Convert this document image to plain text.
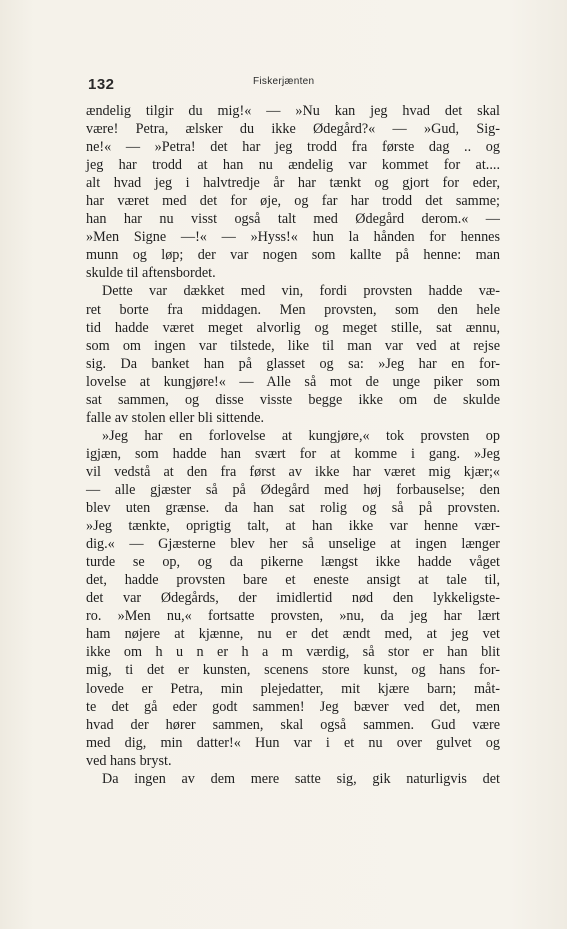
132	Fiskerjænten
ændelig tilgir du mig!« — »Nu kan jeg hvad det skal
være! Petra, ælsker du ikke Ødegård?« — »Gud, Sig-
ne!« — »Petra! det har jeg trodd fra første dag .. og
jeg har trodd at han nu ændelig var kommet for at....
alt hvad jeg i halvtredje år har tænkt og gjort for eder,
har været med det for øje, og far har trodd det samme;
han har nu visst også talt med Ødegård derom.« —
»Men Signe —!« — »Hyss!« hun la hånden for hennes
munn og løp; der var nogen som kallte på henne: man
skulde til aftensbordet.
Dette var dækket med vin, fordi provsten hadde væ-
ret borte fra middagen. Men provsten, som den hele
tid hadde været meget alvorlig og meget stille, sat ænnu,
som om ingen var tilstede, like til man var ved at rejse
sig. Da banket han på glasset og sa: »Jeg har en for-
lovelse at kungjøre!« — Alle så mot de unge piker som
sat sammen, og disse visste begge ikke om de skulde
falle av stolen eller bli sittende.
»Jeg har en forlovelse at kungjøre,« tok provsten op
igjæn, som hadde han svært for at komme i gang. »Jeg
vil vedstå at den fra først av ikke har været mig kjær;«
— alle gjæster så på Ødegård med høj forbauselse; den
blev uten grænse. da han sat rolig og så på provsten.
»Jeg tænkte, oprigtig talt, at han ikke var henne vær-
dig.« — Gjæsterne blev her så unselige at ingen længer
turde se op, og da pikerne længst ikke hadde våget
det, hadde provsten bare et eneste ansigt at tale til,
det var Ødegårds, der imidlertid nød den lykkeligste-
ro. »Men nu,« fortsatte provsten, »nu, da jeg har lært
ham nøjere at kjænne, nu er det ændt med, at jeg vet
ikke om h u n er h a m værdig, så stor er han blit
mig, ti det er kunsten, scenens store kunst, og hans for-
lovede er Petra, min plejedatter, mit kjære barn; måt-
te det gå eder godt sammen! Jeg bæver ved det, men
hvad der hører sammen, skal også sammen. Gud være
med dig, min datter!« Hun var i et nu over gulvet og
ved hans bryst.
Da ingen av dem mere satte sig, gik naturligvis det
